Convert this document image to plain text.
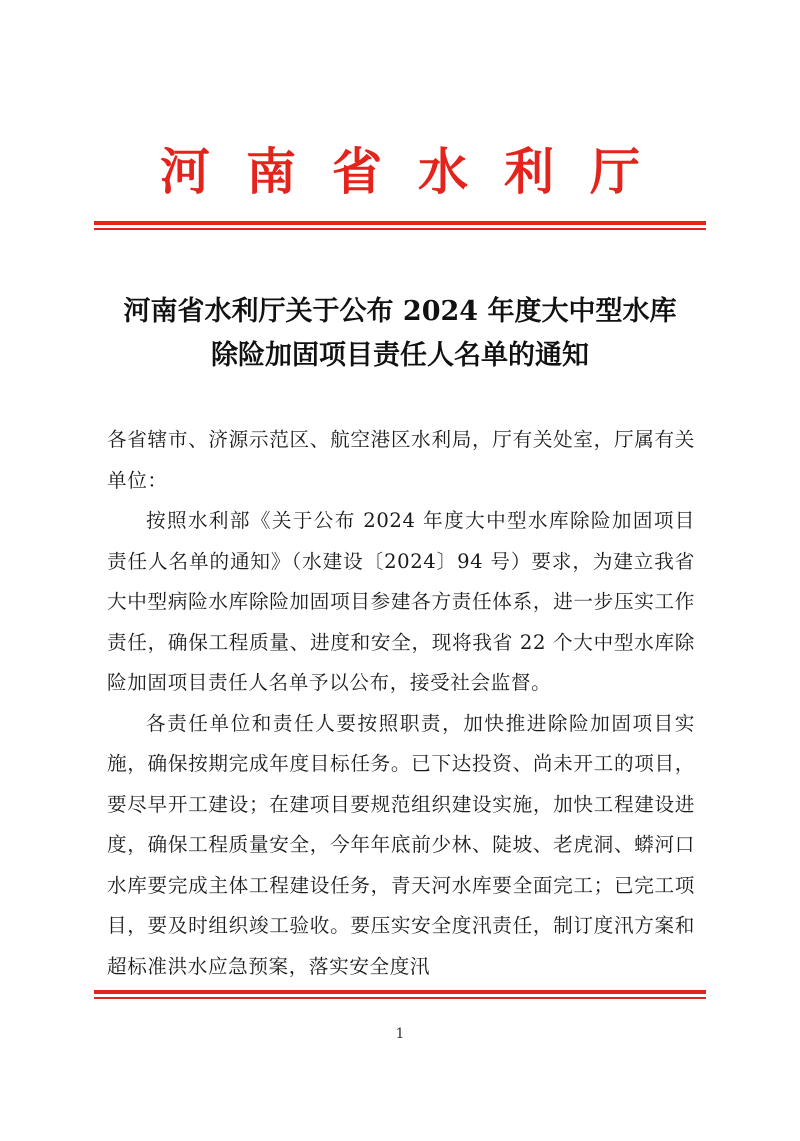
河南省水利厅
河南省水利厅关于公布 2024 年度大中型水库
除险加固项目责任人名单的通知

各省辖市、济源示范区、航空港区水利局，厅有关处室，厅属有关单位：

按照水利部《关于公布 2024 年度大中型水库除险加固项目责任人名单的通知》（水建设〔2024〕94 号）要求，为建立我省大中型病险水库除险加固项目参建各方责任体系，进一步压实工作责任，确保工程质量、进度和安全，现将我省 22 个大中型水库除险加固项目责任人名单予以公布，接受社会监督。

各责任单位和责任人要按照职责，加快推进除险加固项目实施，确保按期完成年度目标任务。已下达投资、尚未开工的项目，要尽早开工建设；在建项目要规范组织建设实施，加快工程建设进度，确保工程质量安全，今年年底前少林、陡坡、老虎洞、蟒河口水库要完成主体工程建设任务，青天河水库要全面完工；已完工项目，要及时组织竣工验收。要压实安全度汛责任，制订度汛方案和超标准洪水应急预案，落实安全度汛

1
